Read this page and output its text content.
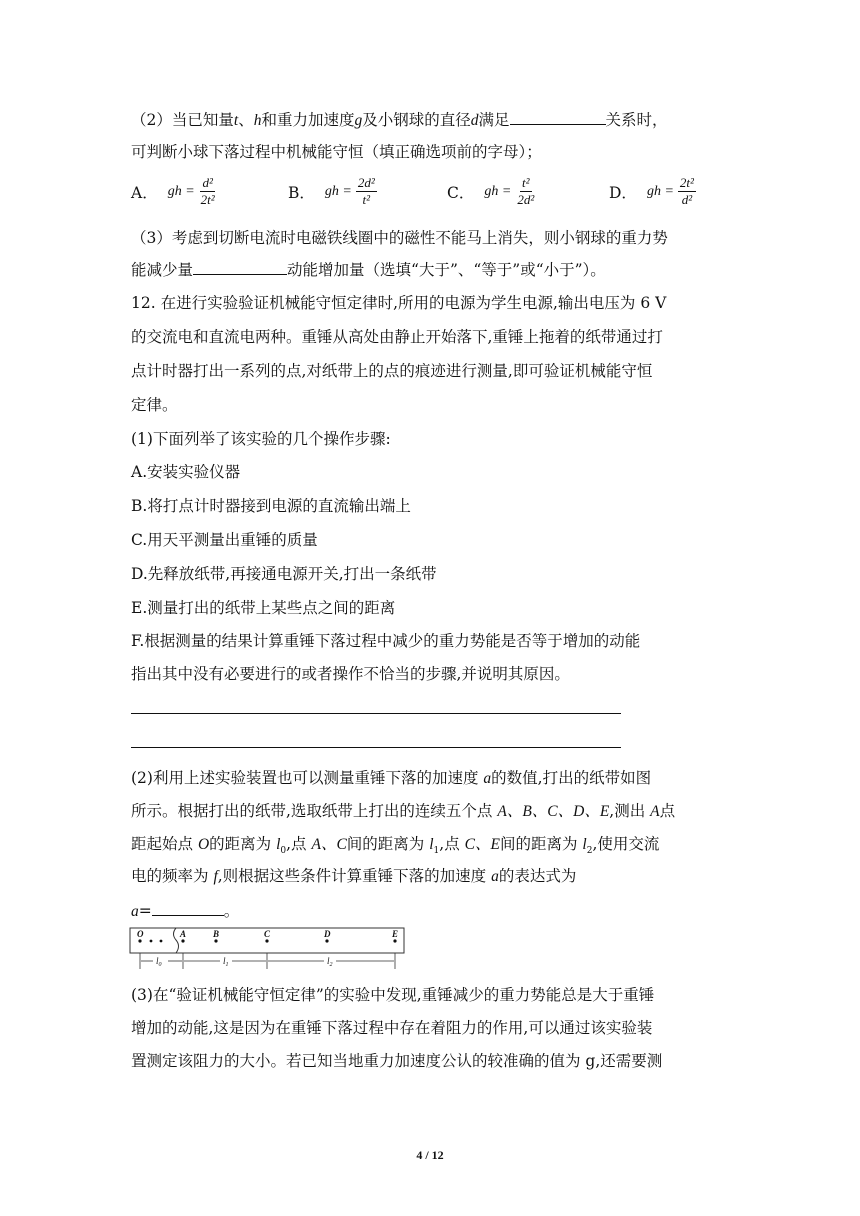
（2）当已知量t、h和重力加速度g及小钢球的直径d满足	关系时，
可判断小球下落过程中机械能守恒（填正确选项前的字母）；
A． gh = $\frac{\text{d²}}{\text{2t²}}$	B． gh = $\frac{\text{2d²}}{\text{t²}}$	C． gh = $\frac{\text{t²}}{\text{2d²}}$	D． gh = $\frac{\text{2t²}}{\text{d²}}$
（3）考虑到切断电流时电磁铁线圈中的磁性不能马上消失，则小钢球的重力势
能减少量	动能增加量（选填“大于”、“等于”或“小于”）。
12. 在进行实验验证机械能守恒定律时,所用的电源为学生电源,输出电压为 6 V
的交流电和直流电两种。重锤从高处由静止开始落下,重锤上拖着的纸带通过打
点计时器打出一系列的点,对纸带上的点的痕迹进行测量,即可验证机械能守恒
定律。
(1)下面列举了该实验的几个操作步骤:
A.安装实验仪器
B.将打点计时器接到电源的直流输出端上
C.用天平测量出重锤的质量
D.先释放纸带,再接通电源开关,打出一条纸带
E.测量打出的纸带上某些点之间的距离
F.根据测量的结果计算重锤下落过程中减少的重力势能是否等于增加的动能
指出其中没有必要进行的或者操作不恰当的步骤,并说明其原因。
(2)利用上述实验装置也可以测量重锤下落的加速度 a的数值,打出的纸带如图
所示。根据打出的纸带,选取纸带上打出的连续五个点 A、B、C、D、E,测出 A点
距起始点 O的距离为 $l_0$,点 A、C间的距离为 $l_1$,点 C、E间的距离为 $l_2$,使用交流
电的频率为 f,则根据这些条件计算重锤下落的加速度 a的表达式为
a=	。
O	A	B	C	D	E
$l_0$	$l_1$	$l_2$
(3)在“验证机械能守恒定律”的实验中发现,重锤减少的重力势能总是大于重锤
增加的动能,这是因为在重锤下落过程中存在着阻力的作用,可以通过该实验装
置测定该阻力的大小。若已知当地重力加速度公认的较准确的值为 g,还需要测
4 / 12
